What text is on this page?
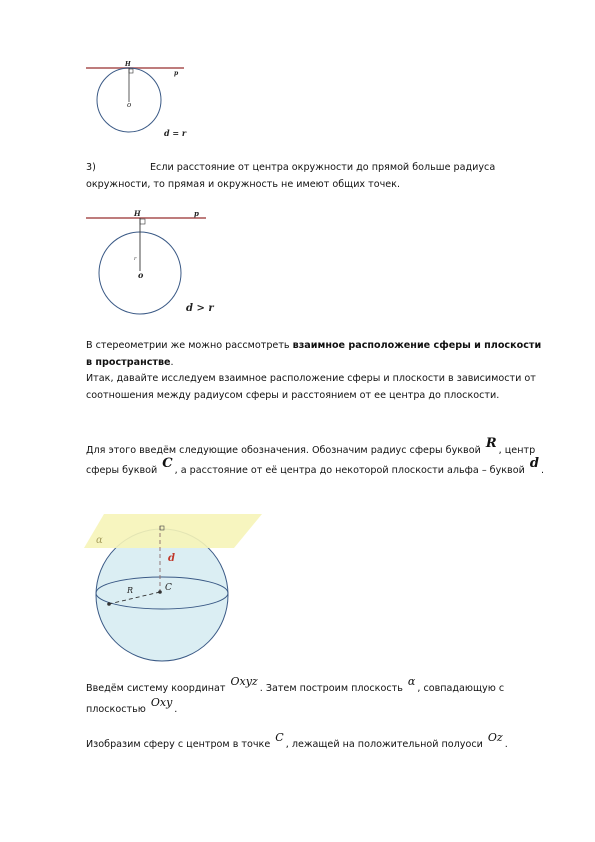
H
p
o
d = r

3)	Если расстояние от центра окружности до прямой больше радиуса окружности, то прямая и окружность не имеют общих точек.

H	p
r
o
d > r

В стереометрии же можно рассмотреть взаимное расположение сферы и плоскости в пространстве.
Итак, давайте исследуем взаимное расположение сферы и плоскости в зависимости от соотношения между радиусом сферы и расстоянием от ее центра до плоскости.

Для этого введём следующие обозначения. Обозначим радиус сферы буквой R , центр сферы буквой C , а расстояние от её центра до некоторой плоскости альфа – буквой d .

α
d
C
R

Введём систему координат Oxyz. Затем построим плоскость α, совпадающую с плоскостью Oxy.

Изобразим сферу с центром в точке C, лежащей на положительной полуоси Oz.
